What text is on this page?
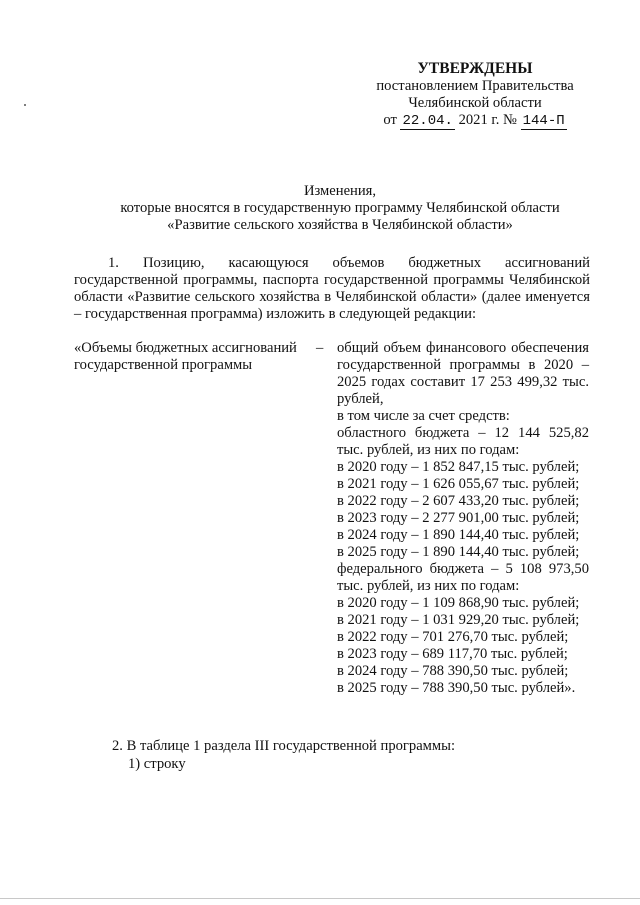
УТВЕРЖДЕНЫ
постановлением Правительства
Челябинской области
от 22.04. 2021 г. № 144-П
Изменения,
которые вносятся в государственную программу Челябинской области
«Развитие сельского хозяйства в Челябинской области»
1. Позицию, касающуюся объемов бюджетных ассигнований государственной программы, паспорта государственной программы Челябинской области «Развитие сельского хозяйства в Челябинской области» (далее именуется – государственная программа) изложить в следующей редакции:
«Объемы бюджетных ассигнований государственной программы
– общий объем финансового обеспечения государственной программы в 2020 – 2025 годах составит 17 253 499,32 тыс. рублей,
в том числе за счет средств:
областного бюджета – 12 144 525,82 тыс. рублей, из них по годам:
в 2020 году – 1 852 847,15 тыс. рублей;
в 2021 году – 1 626 055,67 тыс. рублей;
в 2022 году – 2 607 433,20 тыс. рублей;
в 2023 году – 2 277 901,00 тыс. рублей;
в 2024 году – 1 890 144,40 тыс. рублей;
в 2025 году – 1 890 144,40 тыс. рублей;
федерального бюджета – 5 108 973,50 тыс. рублей, из них по годам:
в 2020 году – 1 109 868,90 тыс. рублей;
в 2021 году – 1 031 929,20 тыс. рублей;
в 2022 году – 701 276,70 тыс. рублей;
в 2023 году – 689 117,70 тыс. рублей;
в 2024 году – 788 390,50 тыс. рублей;
в 2025 году – 788 390,50 тыс. рублей».
2. В таблице 1 раздела III государственной программы:
1) строку
